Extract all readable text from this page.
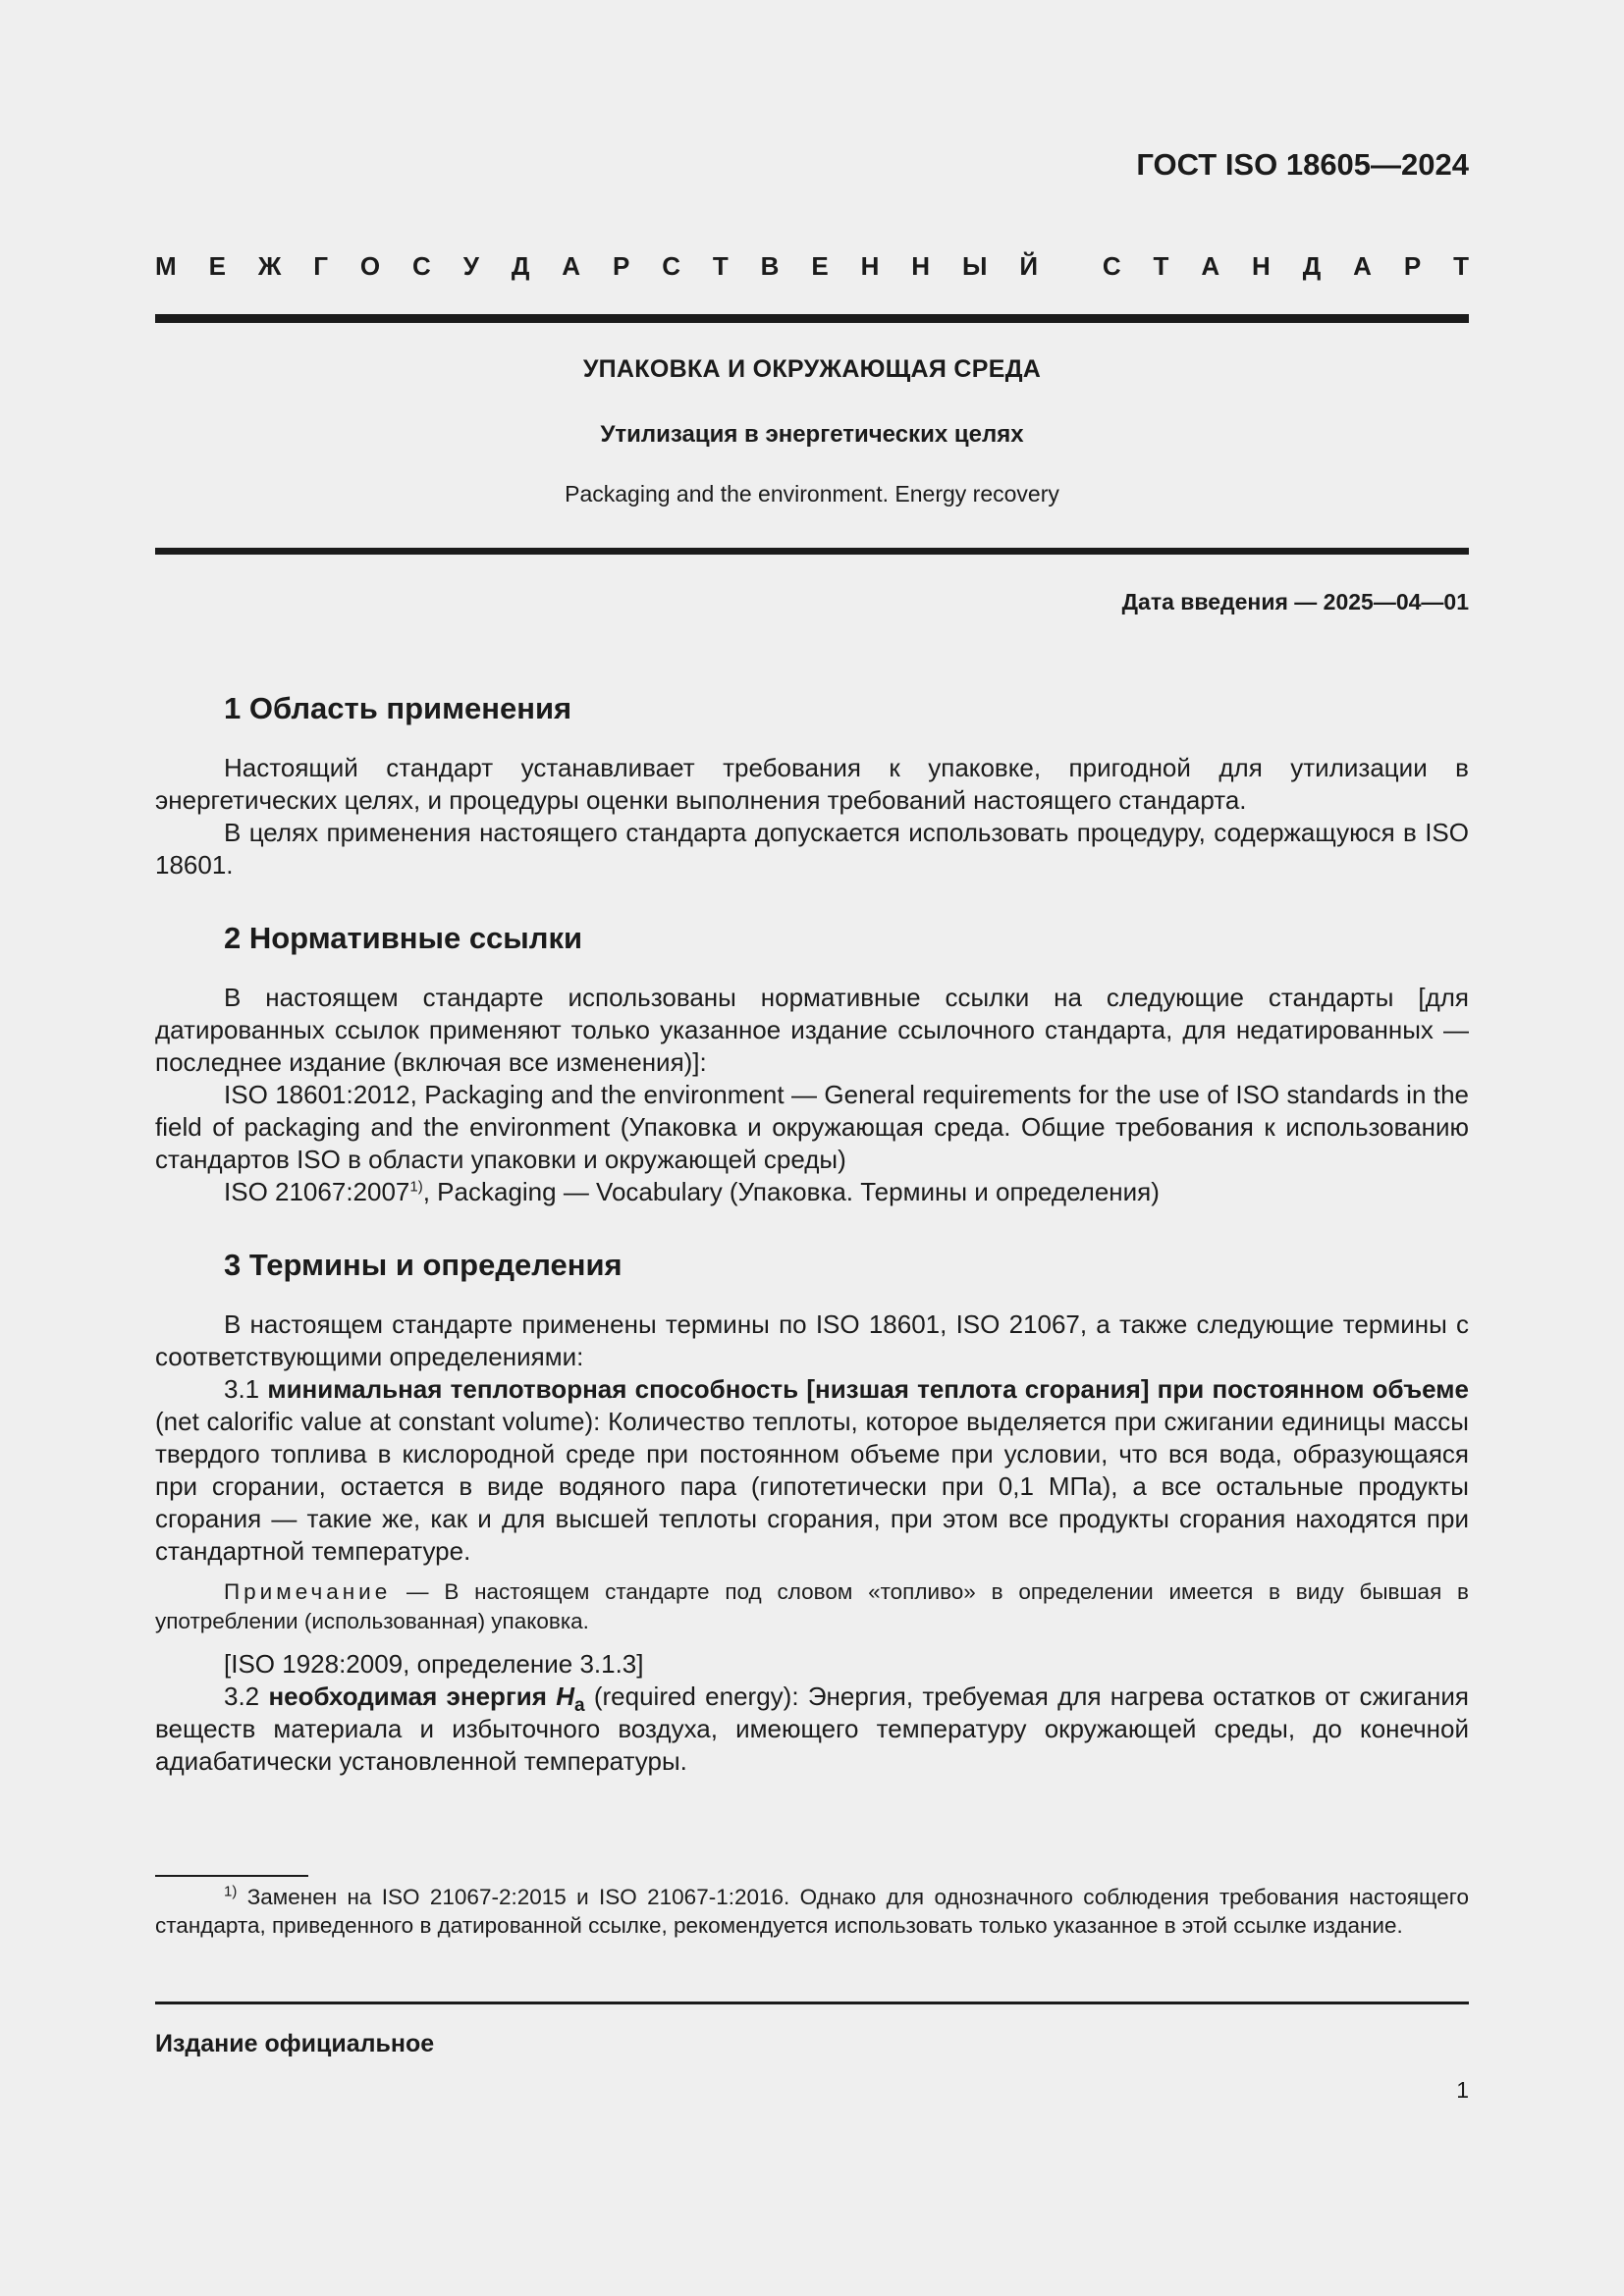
ГОСТ ISO 18605—2024
М Е Ж Г О С У Д А Р С Т В Е Н Н Ы Й	С Т А Н Д А Р Т
УПАКОВКА И ОКРУЖАЮЩАЯ СРЕДА
Утилизация в энергетических целях
Packaging and the environment. Energy recovery
Дата введения — 2025—04—01
1 Область применения

Настоящий стандарт устанавливает требования к упаковке, пригодной для утилизации в энергетических целях, и процедуры оценки выполнения требований настоящего стандарта.

В целях применения настоящего стандарта допускается использовать процедуру, содержащуюся в ISO 18601.

2 Нормативные ссылки

В настоящем стандарте использованы нормативные ссылки на следующие стандарты [для датированных ссылок применяют только указанное издание ссылочного стандарта, для недатированных — последнее издание (включая все изменения)]:

ISO 18601:2012, Packaging and the environment — General requirements for the use of ISO standards in the field of packaging and the environment (Упаковка и окружающая среда. Общие требования к использованию стандартов ISO в области упаковки и окружающей среды)

ISO 21067:2007$^{1)}$, Packaging — Vocabulary (Упаковка. Термины и определения)

3 Термины и определения

В настоящем стандарте применены термины по ISO 18601, ISO 21067, а также следующие термины с соответствующими определениями:

3.1 минимальная теплотворная способность [низшая теплота сгорания] при постоянном объеме (net calorific value at constant volume): Количество теплоты, которое выделяется при сжигании единицы массы твердого топлива в кислородной среде при постоянном объеме при условии, что вся вода, образующаяся при сгорании, остается в виде водяного пара (гипотетически при 0,1 МПа), а все остальные продукты сгорания — такие же, как и для высшей теплоты сгорания, при этом все продукты сгорания находятся при стандартной температуре.

Примечание — В настоящем стандарте под словом «топливо» в определении имеется в виду бывшая в употреблении (использованная) упаковка.

[ISO 1928:2009, определение 3.1.3]

3.2 необходимая энергия $H_a$ (required energy): Энергия, требуемая для нагрева остатков от сжигания веществ материала и избыточного воздуха, имеющего температуру окружающей среды, до конечной адиабатически установленной температуры.

$^{1)}$ Заменен на ISO 21067-2:2015 и ISO 21067-1:2016. Однако для однозначного соблюдения требования настоящего стандарта, приведенного в датированной ссылке, рекомендуется использовать только указанное в этой ссылке издание.
Издание официальное
1
